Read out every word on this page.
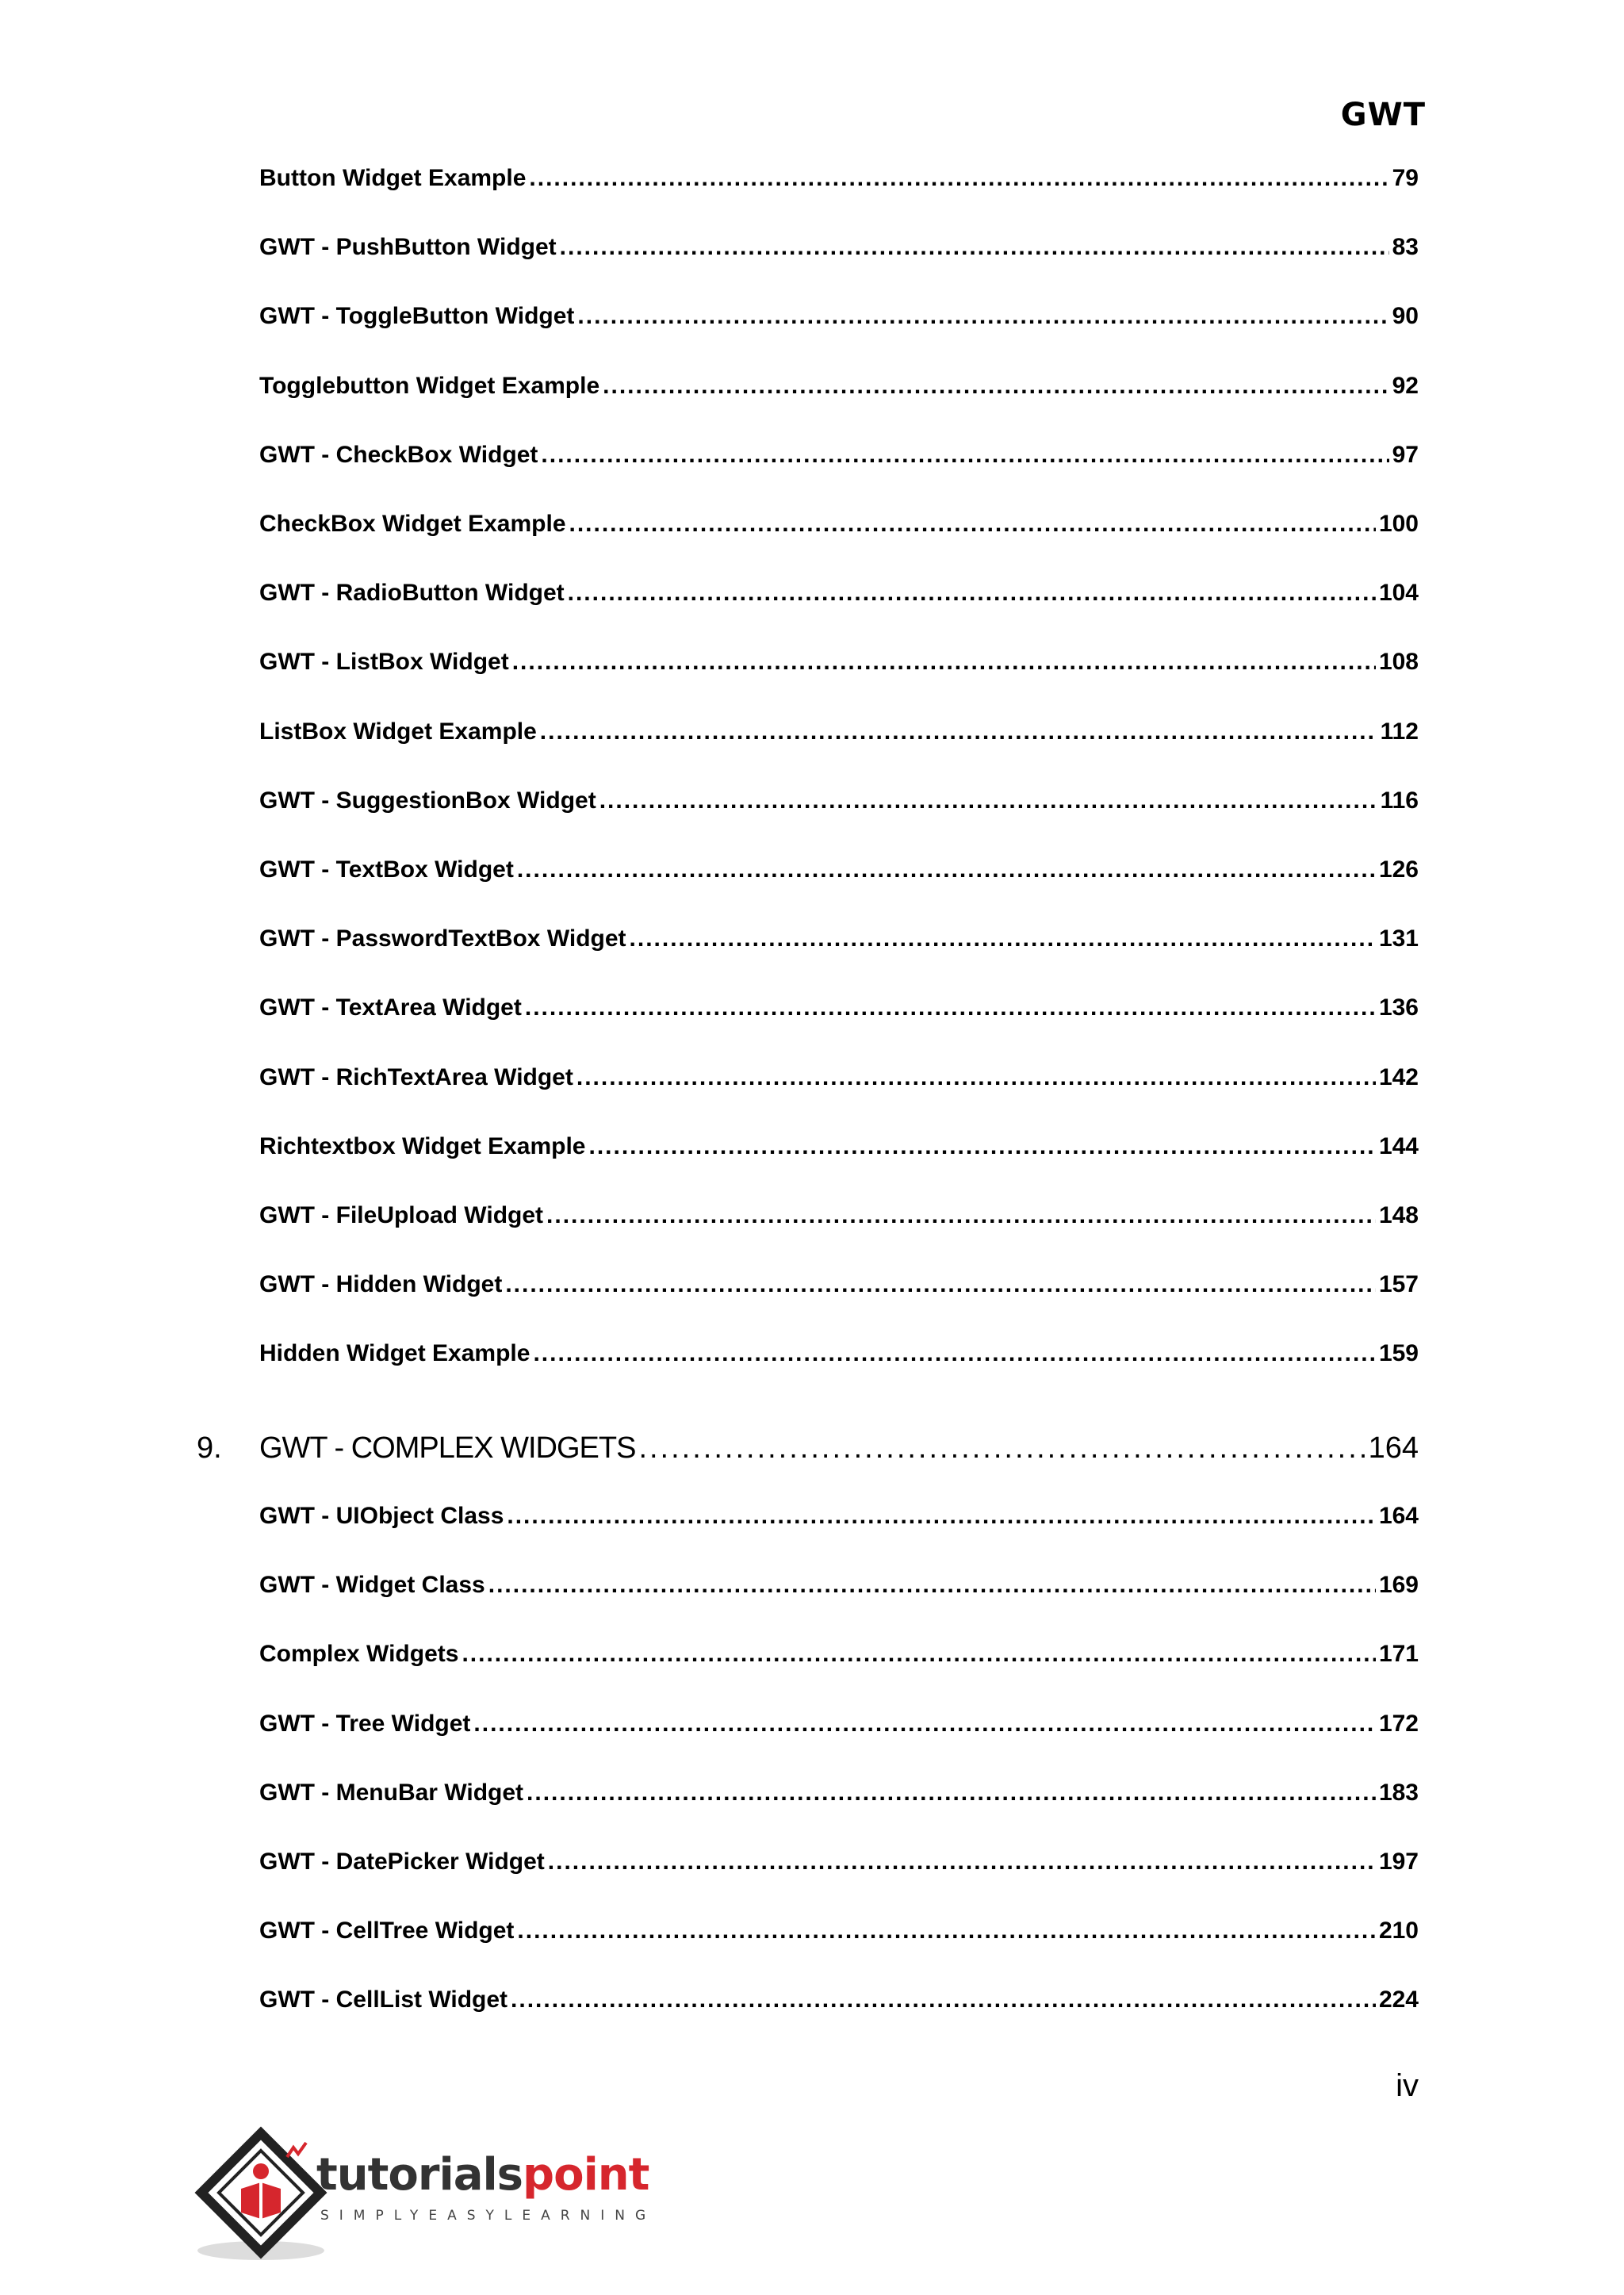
GWT
Button Widget Example .....	79
GWT - PushButton Widget .....	83
GWT - ToggleButton Widget .....	90
Togglebutton Widget Example .....	92
GWT - CheckBox Widget .....	97
CheckBox Widget Example .....	100
GWT - RadioButton Widget .....	104
GWT - ListBox Widget .....	108
ListBox Widget Example .....	112
GWT - SuggestionBox Widget .....	116
GWT - TextBox Widget .....	126
GWT - PasswordTextBox Widget .....	131
GWT - TextArea Widget .....	136
GWT - RichTextArea Widget .....	142
Richtextbox Widget Example .....	144
GWT - FileUpload Widget .....	148
GWT - Hidden Widget .....	157
Hidden Widget Example .....	159
9.	GWT - COMPLEX WIDGETS .....	164
GWT - UIObject Class .....	164
GWT - Widget Class .....	169
Complex Widgets .....	171
GWT - Tree Widget .....	172
GWT - MenuBar Widget .....	183
GWT - DatePicker Widget .....	197
GWT - CellTree Widget .....	210
GWT - CellList Widget .....	224
iv
tutorialspoint
SIMPLYEASYLEARNING
